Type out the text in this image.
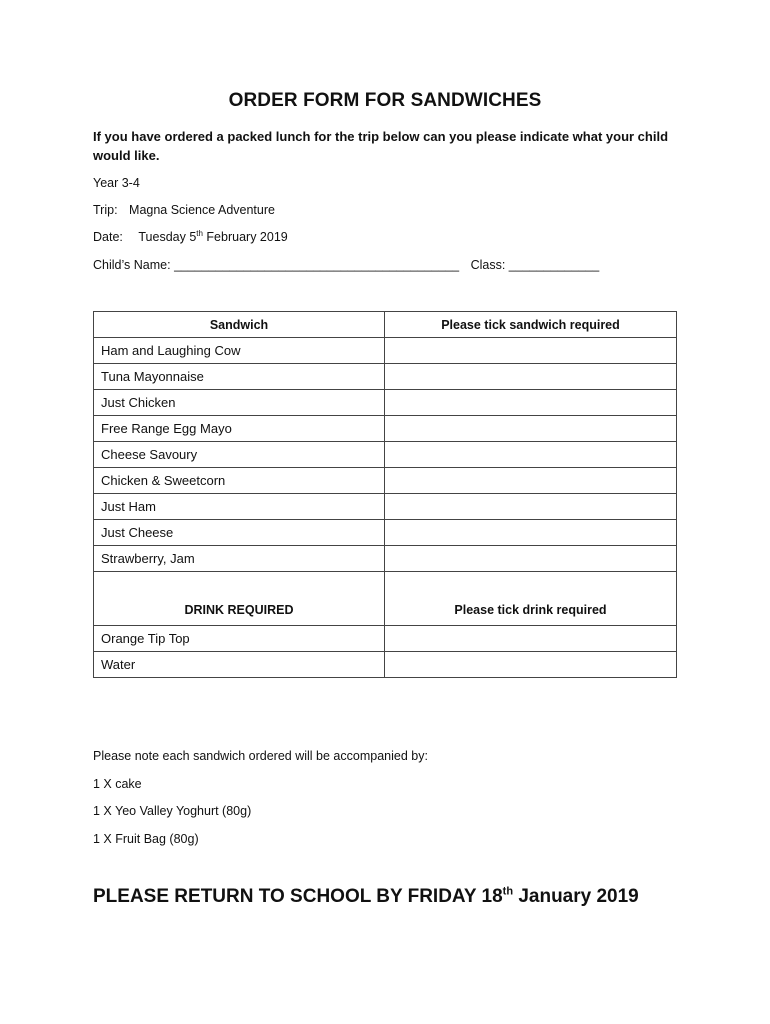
ORDER FORM FOR SANDWICHES
If you have ordered a packed lunch for the trip below can you please indicate what your child would like.
Year 3-4
Trip: Magna Science Adventure
Date: Tuesday 5th February 2019
Child’s Name: _________________________________________ Class: _____________
Sandwich	Please tick sandwich required
Ham and Laughing Cow	
Tuna Mayonnaise	
Just Chicken	
Free Range Egg Mayo	
Cheese Savoury	
Chicken & Sweetcorn	
Just Ham	
Just Cheese	
Strawberry, Jam	
DRINK REQUIRED	Please tick drink required
Orange Tip Top	
Water	
Please note each sandwich ordered will be accompanied by:
1 X cake
1 X Yeo Valley Yoghurt (80g)
1 X Fruit Bag (80g)
PLEASE RETURN TO SCHOOL BY FRIDAY 18th January 2019
